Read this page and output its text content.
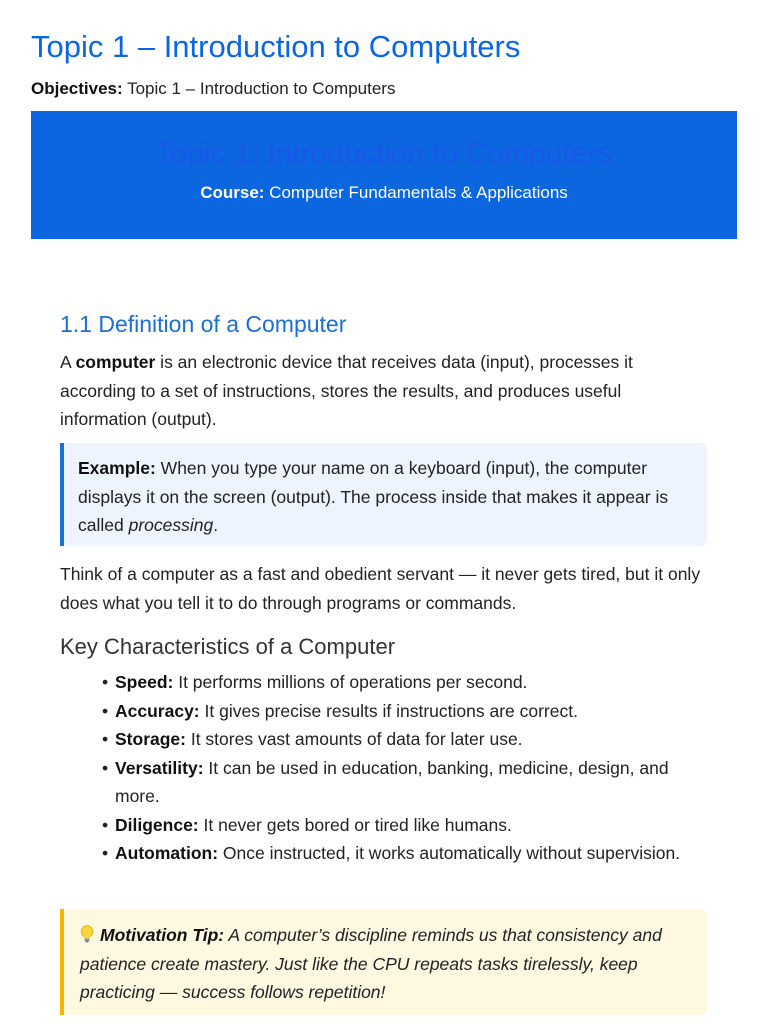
Topic 1 – Introduction to Computers
Objectives: Topic 1 – Introduction to Computers
Topic 1: Introduction to Computers
Course: Computer Fundamentals & Applications
1.1 Definition of a Computer

A computer is an electronic device that receives data (input), processes it according to a set of instructions, stores the results, and produces useful information (output).

Example: When you type your name on a keyboard (input), the computer displays it on the screen (output). The process inside that makes it appear is called processing.

Think of a computer as a fast and obedient servant — it never gets tired, but it only does what you tell it to do through programs or commands.

Key Characteristics of a Computer
• Speed: It performs millions of operations per second.
• Accuracy: It gives precise results if instructions are correct.
• Storage: It stores vast amounts of data for later use.
• Versatility: It can be used in education, banking, medicine, design, and more.
• Diligence: It never gets bored or tired like humans.
• Automation: Once instructed, it works automatically without supervision.

Motivation Tip: A computer’s discipline reminds us that consistency and patience create mastery. Just like the CPU repeats tasks tirelessly, keep practicing — success follows repetition!
